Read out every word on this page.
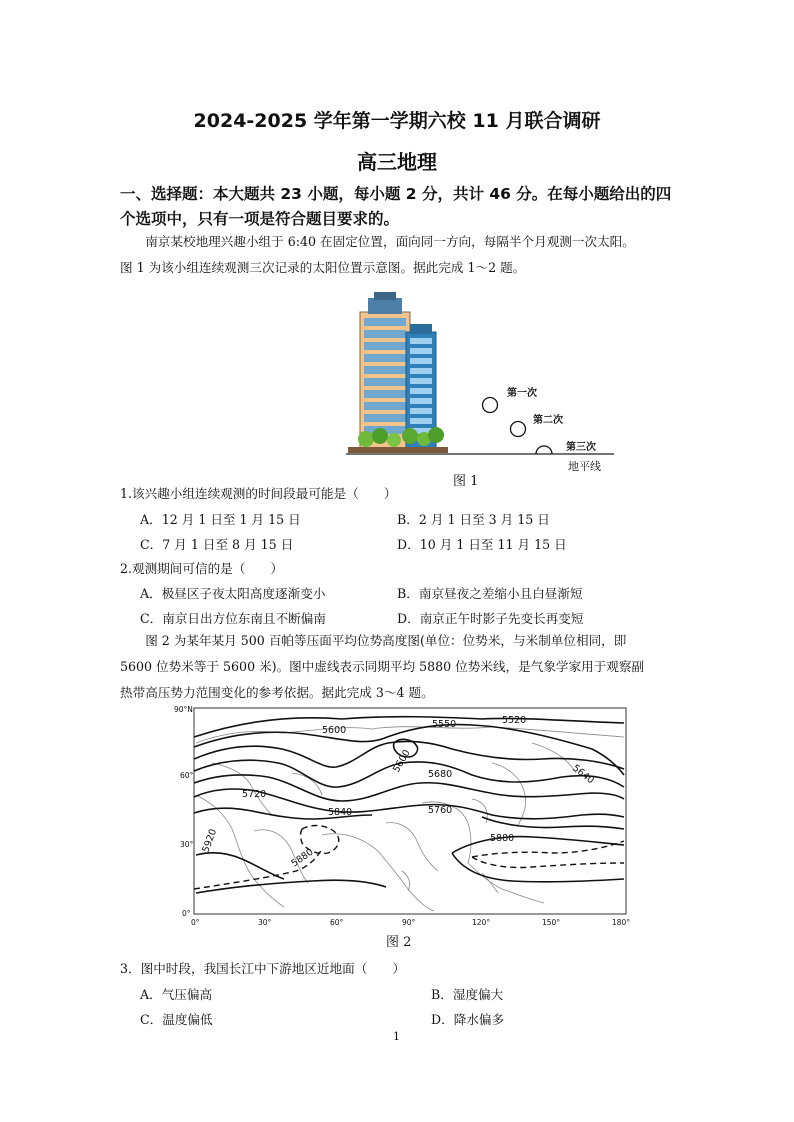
2024-2025 学年第一学期六校 11 月联合调研
高三地理
一、选择题：本大题共 23 小题，每小题 2 分，共计 46 分。在每小题给出的四
个选项中，只有一项是符合题目要求的。
南京某校地理兴趣小组于 6:40 在固定位置，面向同一方向，每隔半个月观测一次太阳。
图 1 为该小组连续观测三次记录的太阳位置示意图。据此完成 1～2 题。
第一次
第二次
第三次
地平线
图 1
1.该兴趣小组连续观测的时间段最可能是（　　）
A．12 月 1 日至 1 月 15 日	B．2 月 1 日至 3 月 15 日
C．7 月 1 日至 8 月 15 日	D．10 月 1 日至 11 月 15 日
2.观测期间可信的是（　　）
A．极昼区子夜太阳高度逐渐变小	B．南京昼夜之差缩小且白昼渐短
C．南京日出方位东南且不断偏南	D．南京正午时影子先变长再变短
图 2 为某年某月 500 百帕等压面平均位势高度图(单位：位势米，与米制单位相同，即
5600 位势米等于 5600 米)。图中虚线表示同期平均 5880 位势米线，是气象学家用于观察副
热带高压势力范围变化的参考依据。据此完成 3～4 题。
90°N
60°
30°
0°
0°	30°	60°	90°	120°	150°	180°
5520
5550
5600
5600	5640
5680
5720
5760
5840
5880
5880
5920
图 2
3．图中时段，我国长江中下游地区近地面（　　）
A．气压偏高	B．湿度偏大
C．温度偏低	D．降水偏多
1
